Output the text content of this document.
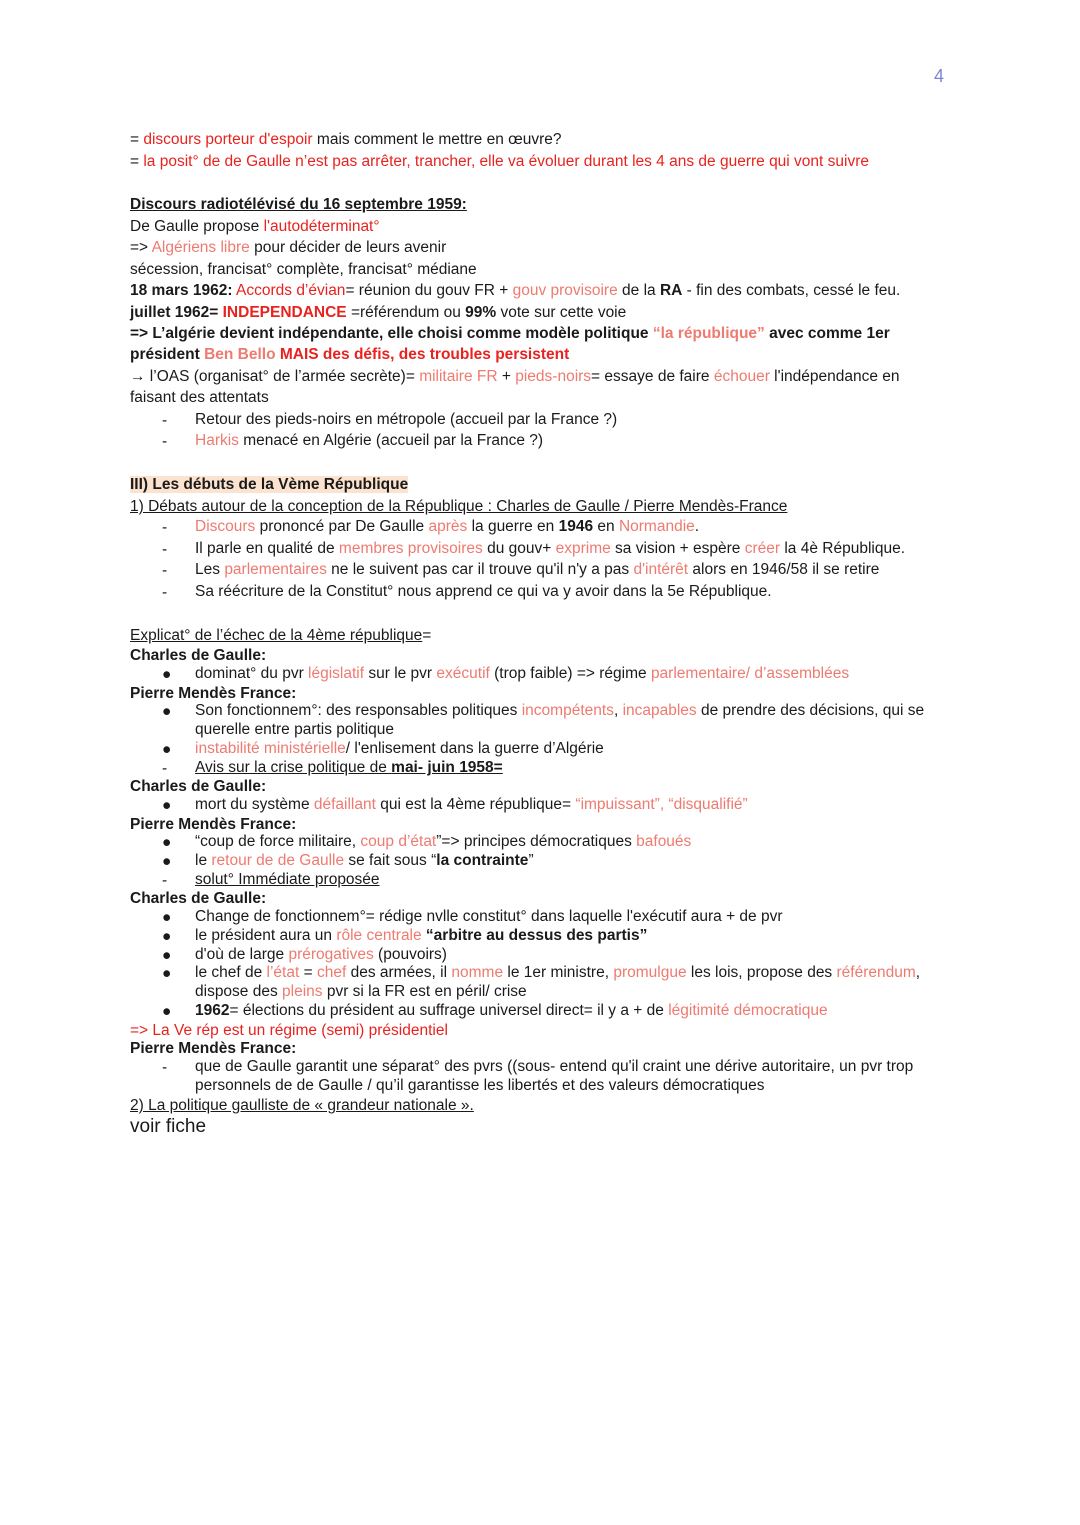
4
= discours porteur d'espoir mais comment le mettre en œuvre?
= la posit° de de Gaulle n’est pas arrêter, trancher, elle va évoluer durant les 4 ans de guerre qui vont suivre
Discours radiotélévisé du 16 septembre 1959:
De Gaulle propose l'autodéterminat°
=> Algériens libre pour décider de leurs avenir
sécession, francisat° complète, francisat° médiane
18 mars 1962: Accords d’évian= réunion du gouv FR + gouv provisoire de la RA - fin des combats, cessé le feu.
juillet 1962= INDEPENDANCE =référendum ou 99% vote sur cette voie
=> L’algérie devient indépendante, elle choisi comme modèle politique “la république” avec comme 1er président Ben Bello MAIS des défis, des troubles persistent
→ l’OAS (organisat° de l’armée secrète)= militaire FR + pieds-noirs= essaye de faire échouer l'indépendance en faisant des attentats
- Retour des pieds-noirs en métropole (accueil par la France ?)
- Harkis menacé en Algérie (accueil par la France ?)
III) Les débuts de la Vème République
1) Débats autour de la conception de la République : Charles de Gaulle / Pierre Mendès-France
- Discours prononcé par De Gaulle après la guerre en 1946 en Normandie.
- Il parle en qualité de membres provisoires du gouv+ exprime sa vision + espère créer la 4è République.
- Les parlementaires ne le suivent pas car il trouve qu'il n'y a pas d'intérêt alors en 1946/58 il se retire
- Sa réécriture de la Constitut° nous apprend ce qui va y avoir dans la 5e République.
Explicat° de l’échec de la 4ème république=
Charles de Gaulle:
● dominat° du pvr législatif sur le pvr exécutif (trop faible) => régime parlementaire/ d’assemblées
Pierre Mendès France:
● Son fonctionnem°: des responsables politiques incompétents, incapables de prendre des décisions, qui se querelle entre partis politique
● instabilité ministérielle/ l'enlisement dans la guerre d’Algérie
- Avis sur la crise politique de mai- juin 1958=
Charles de Gaulle:
● mort du système défaillant qui est la 4ème république= “impuissant”, “disqualifié”
Pierre Mendès France:
● “coup de force militaire, coup d’état”=> principes démocratiques bafoués
● le retour de de Gaulle se fait sous “la contrainte”
- solut° Immédiate proposée
Charles de Gaulle:
● Change de fonctionnem°= rédige nvlle constitut° dans laquelle l'exécutif aura + de pvr
● le président aura un rôle centrale “arbitre au dessus des partis”
● d'où de large prérogatives (pouvoirs)
● le chef de l’état = chef des armées, il nomme le 1er ministre, promulgue les lois, propose des référendum, dispose des pleins pvr si la FR est en péril/ crise
● 1962= élections du président au suffrage universel direct= il y a + de légitimité démocratique
=> La Ve rép est un régime (semi) présidentiel
Pierre Mendès France:
- que de Gaulle garantit une séparat° des pvrs ((sous- entend qu'il craint une dérive autoritaire, un pvr trop personnels de de Gaulle / qu’il garantisse les libertés et des valeurs démocratiques
2) La politique gaulliste de « grandeur nationale ».
voir fiche
